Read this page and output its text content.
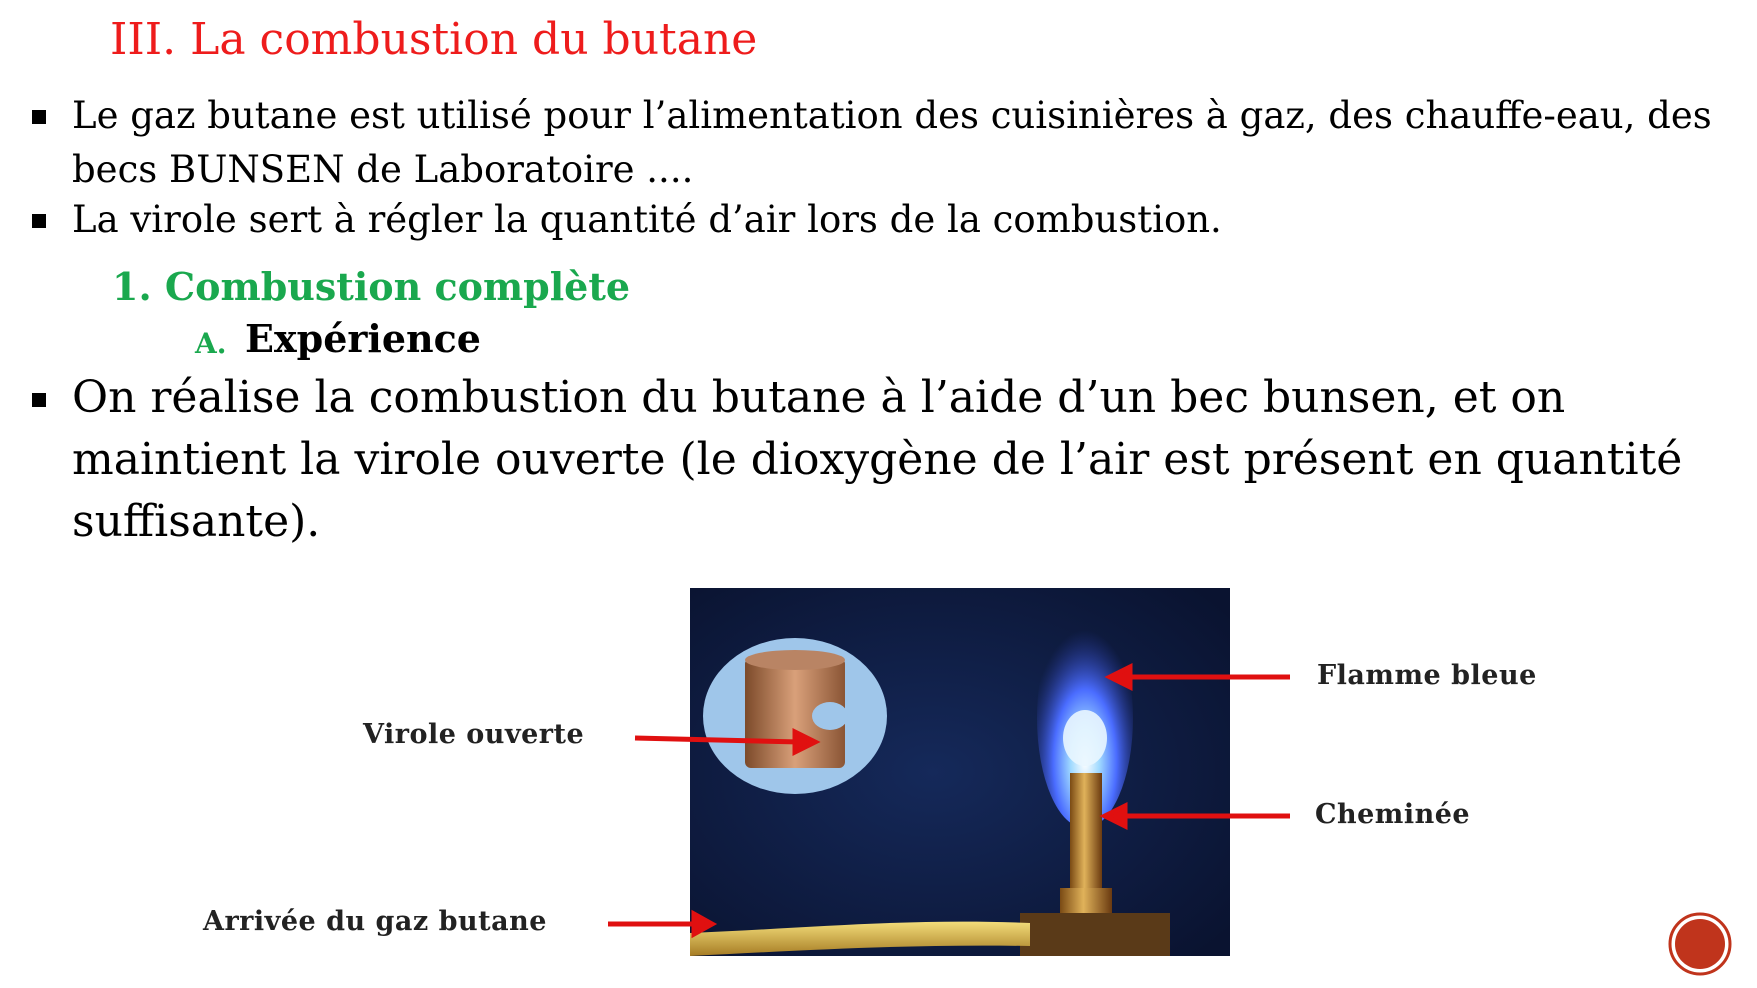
III. La combustion du butane
Le gaz butane est utilisé pour l’alimentation des cuisinières à gaz, des chauffe-eau, des
becs BUNSEN de Laboratoire ....
La virole sert à régler la quantité d’air lors de la combustion.
1. Combustion complète
A. Expérience
On réalise la combustion du butane à l’aide d’un bec bunsen, et on
maintient la virole ouverte (le dioxygène de l’air est présent en quantité
suffisante).
Flamme bleue
Cheminée
Virole ouverte
Arrivée du gaz butane
